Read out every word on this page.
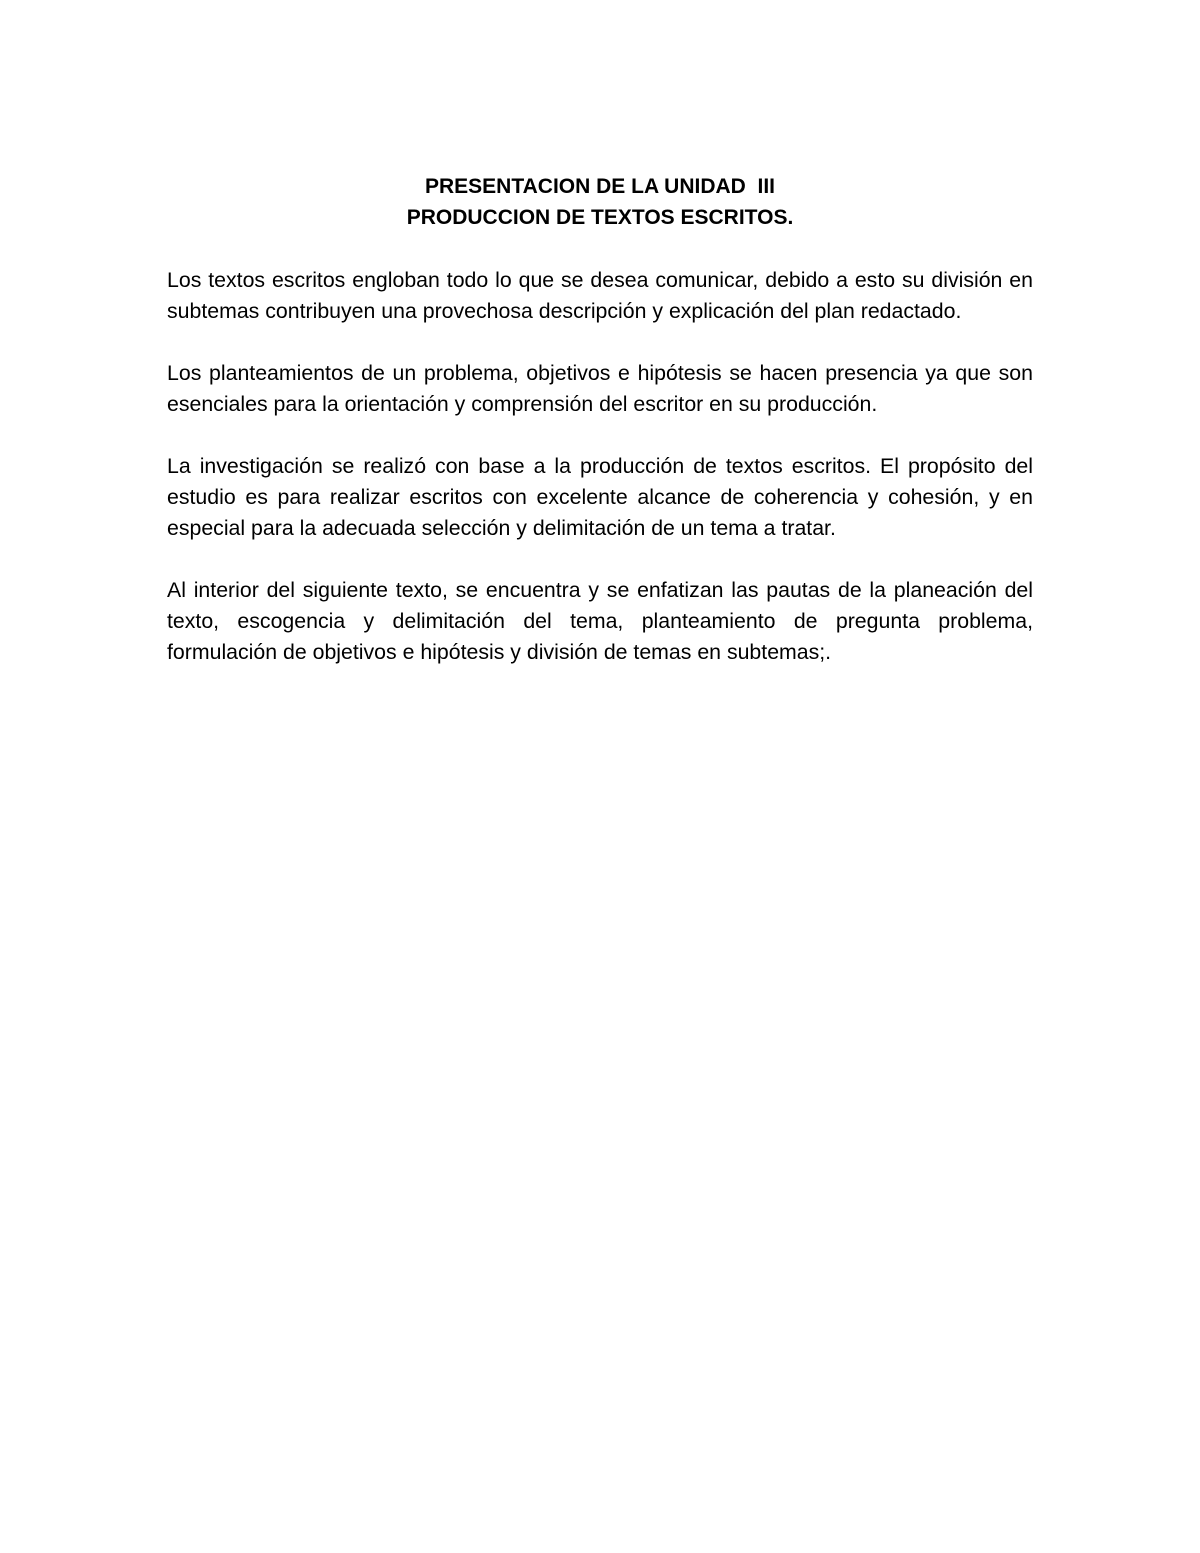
PRESENTACION DE LA UNIDAD  III
PRODUCCION DE TEXTOS ESCRITOS.

Los textos escritos engloban todo lo que se desea comunicar, debido a esto su división en subtemas contribuyen una provechosa descripción y explicación del plan redactado.

Los planteamientos de un problema, objetivos e hipótesis se hacen presencia ya que son esenciales para la orientación y comprensión del escritor en su producción.

La investigación se realizó con base a la producción de textos escritos. El propósito del estudio es para realizar escritos con excelente alcance de coherencia y cohesión, y en especial para la adecuada selección y delimitación de un tema a tratar.

Al interior del siguiente texto, se encuentra y se enfatizan las pautas de la planeación del texto, escogencia y delimitación del tema, planteamiento de pregunta problema, formulación de objetivos e hipótesis y división de temas en subtemas;.
